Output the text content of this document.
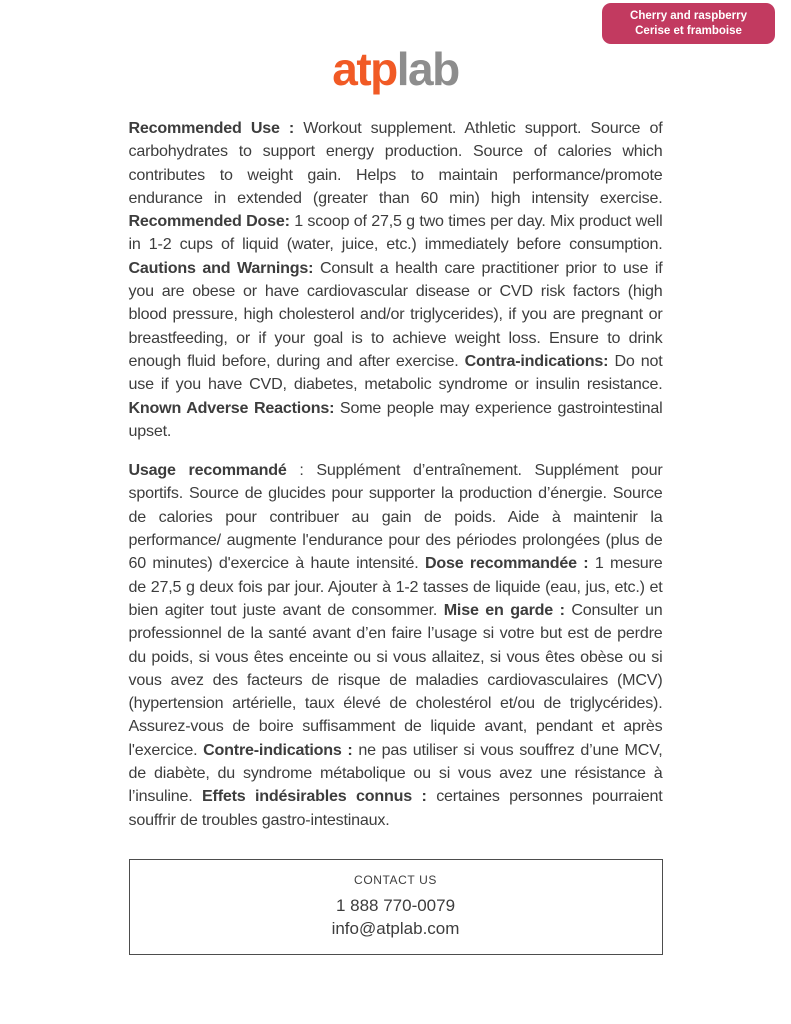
Cherry and raspberry
Cerise et framboise
atplab

Recommended Use : Workout supplement. Athletic support. Source of carbohydrates to support energy production. Source of calories which contributes to weight gain. Helps to maintain performance/promote endurance in extended (greater than 60 min) high intensity exercise. Recommended Dose: 1 scoop of 27,5 g two times per day. Mix product well in 1-2 cups of liquid (water, juice, etc.) immediately before consumption. Cautions and Warnings: Consult a health care practitioner prior to use if you are obese or have cardiovascular disease or CVD risk factors (high blood pressure, high cholesterol and/or triglycerides), if you are pregnant or breastfeeding, or if your goal is to achieve weight loss. Ensure to drink enough fluid before, during and after exercise. Contra-indications: Do not use if you have CVD, diabetes, metabolic syndrome or insulin resistance. Known Adverse Reactions: Some people may experience gastrointestinal upset.

Usage recommandé : Supplément d’entraînement. Supplément pour sportifs. Source de glucides pour supporter la production d’énergie. Source de calories pour contribuer au gain de poids. Aide à maintenir la performance/ augmente l'endurance pour des périodes prolongées (plus de 60 minutes) d'exercice à haute intensité. Dose recommandée : 1 mesure de 27,5 g deux fois par jour. Ajouter à 1-2 tasses de liquide (eau, jus, etc.) et bien agiter tout juste avant de consommer. Mise en garde : Consulter un professionnel de la santé avant d’en faire l’usage si votre but est de perdre du poids, si vous êtes enceinte ou si vous allaitez, si vous êtes obèse ou si vous avez des facteurs de risque de maladies cardiovasculaires (MCV) (hypertension artérielle, taux élevé de cholestérol et/ou de triglycérides). Assurez-vous de boire suffisamment de liquide avant, pendant et après l'exercice. Contre-indications : ne pas utiliser si vous souffrez d’une MCV, de diabète, du syndrome métabolique ou si vous avez une résistance à l’insuline. Effets indésirables connus : certaines personnes pourraient souffrir de troubles gastro-intestinaux.

CONTACT US
1 888 770-0079
info@atplab.com
